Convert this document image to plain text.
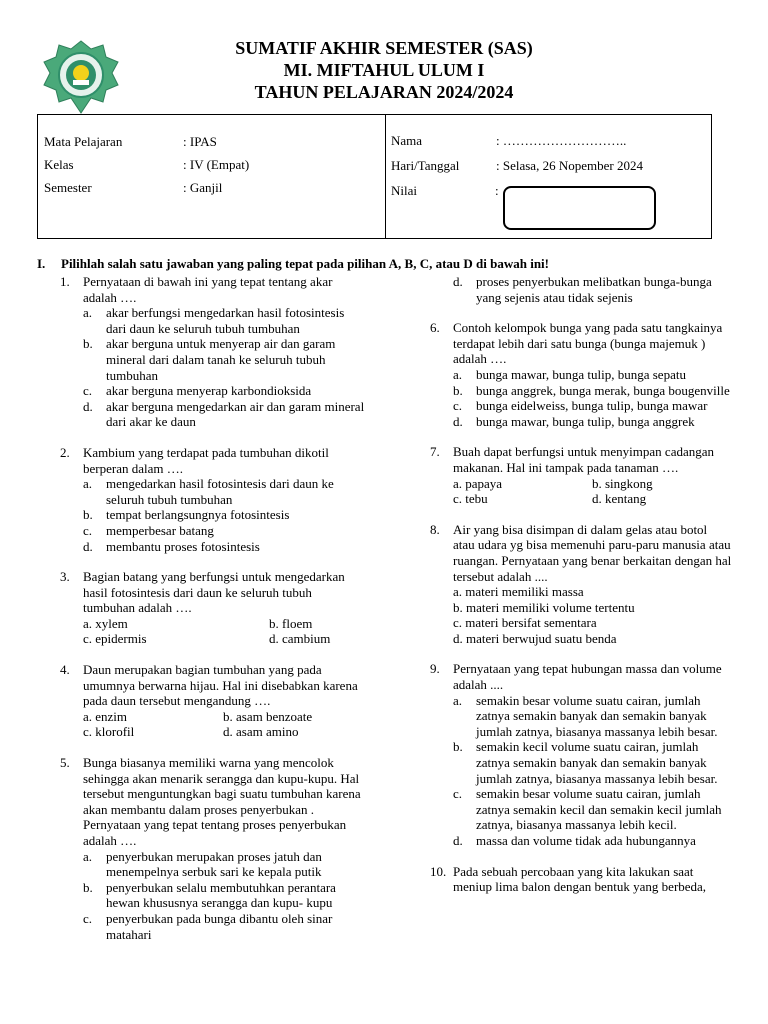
SUMATIF AKHIR SEMESTER (SAS)
MI. MIFTAHUL ULUM I
TAHUN PELAJARAN 2024/2024
Mata Pelajaran	: IPAS
Kelas	: IV (Empat)
Semester	: Ganjil
Nama	: ………………………..
Hari/Tanggal	: Selasa, 26 Nopember 2024
Nilai	:
I. Pilihlah salah satu jawaban yang paling tepat pada pilihan A, B, C, atau D di bawah ini!
1. Pernyataan di bawah ini yang tepat tentang akar adalah ….
a. akar berfungsi mengedarkan hasil fotosintesis dari daun ke seluruh tubuh tumbuhan
b. akar berguna untuk menyerap air dan garam mineral dari dalam tanah ke seluruh tubuh tumbuhan
c. akar berguna menyerap karbondioksida
d. akar berguna mengedarkan air dan garam mineral dari akar ke daun
2. Kambium yang terdapat pada tumbuhan dikotil berperan dalam ….
a. mengedarkan hasil fotosintesis dari daun ke seluruh tubuh tumbuhan
b. tempat berlangsungnya fotosintesis
c. memperbesar batang
d. membantu proses fotosintesis
3. Bagian batang yang berfungsi untuk mengedarkan hasil fotosintesis dari daun ke seluruh tubuh tumbuhan adalah ….
a. xylem	b. floem
c. epidermis	d. cambium
4. Daun merupakan bagian tumbuhan yang pada umumnya berwarna hijau. Hal ini disebabkan karena pada daun tersebut mengandung ….
a. enzim	b. asam benzoate
c. klorofil	d. asam amino
5. Bunga biasanya memiliki warna yang mencolok sehingga akan menarik serangga dan kupu-kupu. Hal tersebut menguntungkan bagi suatu tumbuhan karena akan membantu dalam proses penyerbukan . Pernyataan yang tepat tentang proses penyerbukan adalah ….
a. penyerbukan merupakan proses jatuh dan menempelnya serbuk sari ke kepala putik
b. penyerbukan selalu membutuhkan perantara hewan khususnya serangga dan kupu- kupu
c. penyerbukan pada bunga dibantu oleh sinar matahari
d. proses penyerbukan melibatkan bunga-bunga yang sejenis atau tidak sejenis
6. Contoh kelompok bunga yang pada satu tangkainya terdapat lebih dari satu bunga (bunga majemuk ) adalah ….
a. bunga mawar, bunga tulip, bunga sepatu
b. bunga anggrek, bunga merak, bunga bougenville
c. bunga eidelweiss, bunga tulip, bunga mawar
d. bunga mawar, bunga tulip, bunga anggrek
7. Buah dapat berfungsi untuk menyimpan cadangan makanan. Hal ini tampak pada tanaman ….
a. papaya	b. singkong
c. tebu	d. kentang
8. Air yang bisa disimpan di dalam gelas atau botol atau udara yg bisa memenuhi paru-paru manusia atau ruangan. Pernyataan yang benar berkaitan dengan hal tersebut adalah ....
a. materi memiliki massa
b. materi memiliki volume tertentu
c. materi bersifat sementara
d. materi berwujud suatu benda
9. Pernyataan yang tepat hubungan massa dan volume adalah ....
a. semakin besar volume suatu cairan, jumlah zatnya semakin banyak dan semakin banyak jumlah zatnya, biasanya massanya lebih besar.
b. semakin kecil volume suatu cairan, jumlah zatnya semakin banyak dan semakin banyak jumlah zatnya, biasanya massanya lebih besar.
c. semakin besar volume suatu cairan, jumlah zatnya semakin kecil dan semakin kecil jumlah zatnya, biasanya massanya lebih kecil.
d. massa dan volume tidak ada hubungannya
10. Pada sebuah percobaan yang kita lakukan saat meniup lima balon dengan bentuk yang berbeda,
